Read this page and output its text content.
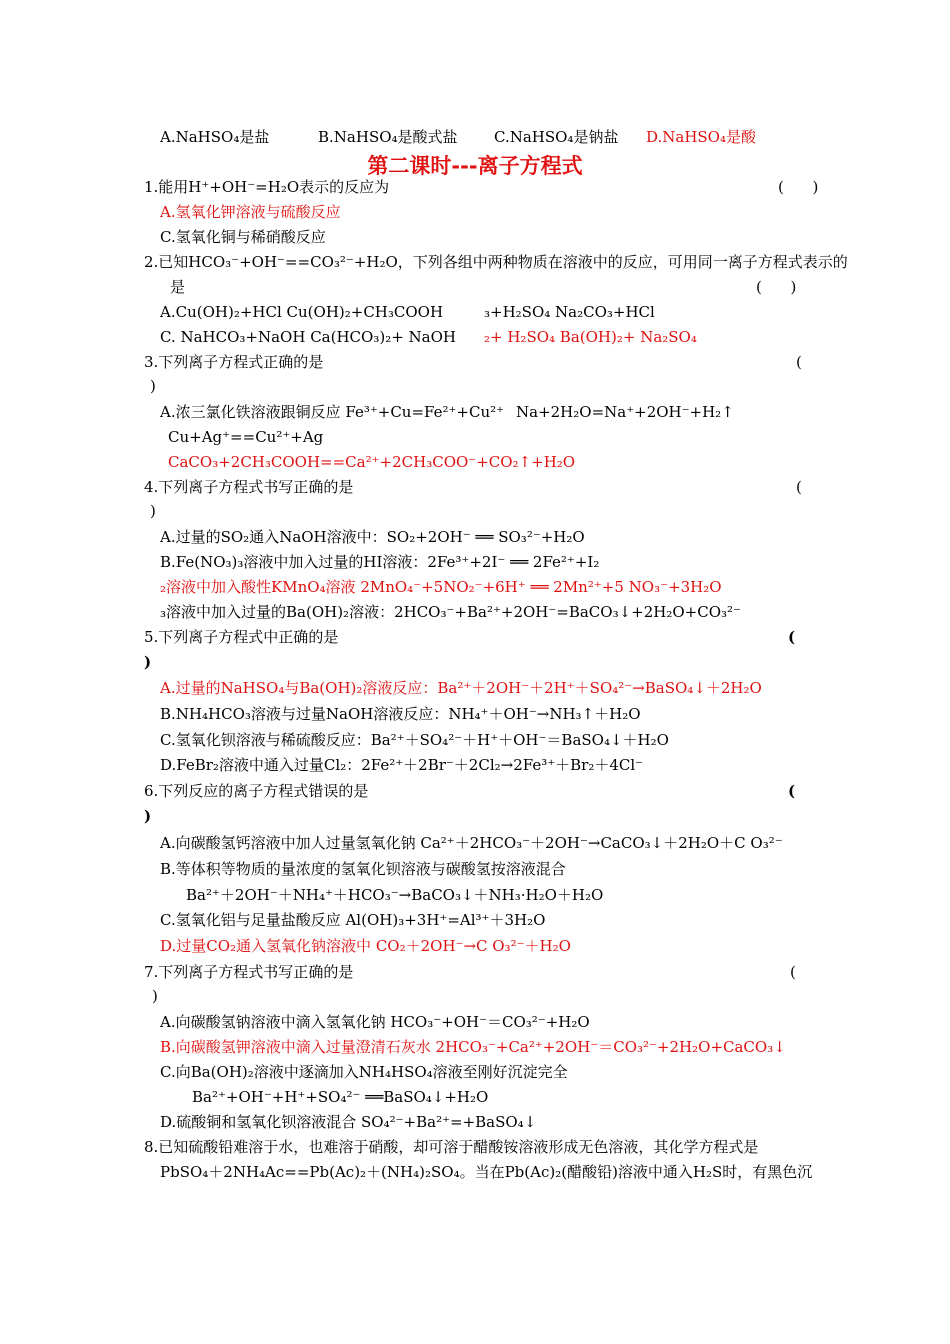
A.NaHSO₄是盐	B.NaHSO₄是酸式盐 C.NaHSO₄是钠盐 D.NaHSO₄是酸
第二课时---离子方程式
1.能用H⁺+OH⁻=H₂O表示的反应为	(      )
A.氢氧化钾溶液与硫酸反应
C.氢氧化铜与稀硝酸反应
2.已知HCO₃⁻+OH⁻==CO₃²⁻+H₂O，下列各组中两种物质在溶液中的反应，可用同一离子方程式表示的
是	(      )
A.Cu(OH)₂+HCl Cu(OH)₂+CH₃COOH	₃+H₂SO₄ Na₂CO₃+HCl
C. NaHCO₃+NaOH Ca(HCO₃)₂+ NaOH ₂+ H₂SO₄ Ba(OH)₂+ Na₂SO₄
3.下列离子方程式正确的是	(
)
A.浓三氯化铁溶液跟铜反应 Fe³⁺+Cu=Fe²⁺+Cu²⁺ Na+2H₂O=Na⁺+2OH⁻+H₂↑
Cu+Ag⁺==Cu²⁺+Ag
CaCO₃+2CH₃COOH==Ca²⁺+2CH₃COO⁻+CO₂↑+H₂O
4.下列离子方程式书写正确的是	(
)
A.过量的SO₂通入NaOH溶液中：SO₂+2OH⁻ ══ SO₃²⁻+H₂O
B.Fe(NO₃)₃溶液中加入过量的HI溶液：2Fe³⁺+2I⁻ ══ 2Fe²⁺+I₂
₂溶液中加入酸性KMnO₄溶液 2MnO₄⁻+5NO₂⁻+6H⁺ ══ 2Mn²⁺+5 NO₃⁻+3H₂O
₃溶液中加入过量的Ba(OH)₂溶液：2HCO₃⁻+Ba²⁺+2OH⁻=BaCO₃↓+2H₂O+CO₃²⁻
5.下列离子方程式中正确的是	(
)
A.过量的NaHSO₄与Ba(OH)₂溶液反应：Ba²⁺＋2OH⁻＋2H⁺＋SO₄²⁻→BaSO₄↓＋2H₂O
B.NH₄HCO₃溶液与过量NaOH溶液反应：NH₄⁺＋OH⁻→NH₃↑＋H₂O
C.氢氧化钡溶液与稀硫酸反应：Ba²⁺＋SO₄²⁻＋H⁺＋OH⁻＝BaSO₄↓＋H₂O
D.FeBr₂溶液中通入过量Cl₂：2Fe²⁺＋2Br⁻＋2Cl₂→2Fe³⁺＋Br₂＋4Cl⁻
6.下列反应的离子方程式错误的是	(
)
A.向碳酸氢钙溶液中加人过量氢氧化钠 Ca²⁺＋2HCO₃⁻＋2OH⁻→CaCO₃↓＋2H₂O＋C O₃²⁻
B.等体积等物质的量浓度的氢氧化钡溶液与碳酸氢按溶液混合
Ba²⁺＋2OH⁻＋NH₄⁺＋HCO₃⁻→BaCO₃↓＋NH₃·H₂O＋H₂O
C.氢氧化铝与足量盐酸反应 Al(OH)₃+3H⁺=Al³⁺＋3H₂O
D.过量CO₂通入氢氧化钠溶液中 CO₂＋2OH⁻→C O₃²⁻＋H₂O
7.下列离子方程式书写正确的是	(
)
A.向碳酸氢钠溶液中滴入氢氧化钠 HCO₃⁻+OH⁻＝CO₃²⁻+H₂O
B.向碳酸氢钾溶液中滴入过量澄清石灰水 2HCO₃⁻+Ca²⁺+2OH⁻＝CO₃²⁻+2H₂O+CaCO₃↓
C.向Ba(OH)₂溶液中逐滴加入NH₄HSO₄溶液至刚好沉淀完全
Ba²⁺+OH⁻+H⁺+SO₄²⁻ ══BaSO₄↓+H₂O
D.硫酸铜和氢氧化钡溶液混合 SO₄²⁻+Ba²⁺=+BaSO₄↓
8.已知硫酸铅难溶于水，也难溶于硝酸，却可溶于醋酸铵溶液形成无色溶液，其化学方程式是
PbSO₄＋2NH₄Ac==Pb(Ac)₂＋(NH₄)₂SO₄。当在Pb(Ac)₂(醋酸铅)溶液中通入H₂S时，有黑色沉
